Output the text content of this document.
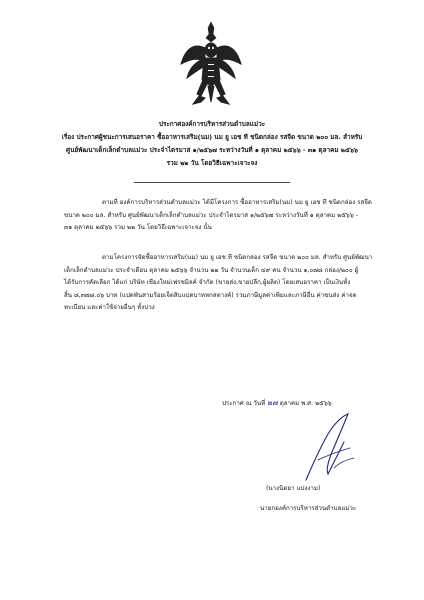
ประกาศองค์การบริหารส่วนตำบลแม่วะ
เรื่อง ประกาศผู้ชนะการเสนอราคา ซื้ออาหารเสริม(นม) นม ยู เอช ที ชนิดกล่อง รสจืด ขนาด ๒๐๐ มล. สำหรับ
ศูนย์พัฒนาเด็กเล็กตำบลแม่วะ ประจำไตรมาส ๑/๒๕๖๗ ระหว่างวันที่ ๑ ตุลาคม ๒๕๖๖ - ๓๑ ตุลาคม ๒๕๖๖
รวม ๒๒ วัน โดยวิธีเฉพาะเจาะจง
ตามที่ องค์การบริหารส่วนตำบลแม่วะ ได้มีโครงการ ซื้ออาหารเสริม(นม) นม ยู เอช ที ชนิดกล่อง รสจืด
ขนาด ๒๐๐ มล. สำหรับ ศูนย์พัฒนาเด็กเล็กตำบลแม่วะ ประจำไตรมาส ๑/๒๕๖๗ ระหว่างวันที่ ๑ ตุลาคม ๒๕๖๖ -
๓๑ ตุลาคม ๒๕๖๖ รวม ๒๒ วัน โดยวิธีเฉพาะเจาะจง นั้น
ตามโครงการจัดซื้ออาหารเสริม(นม) นม ยู เอช ที ชนิดกล่อง รสจืด ขนาด ๒๐๐ มล. สำหรับ ศูนย์พัฒนา
เด็กเล็กตำบลแม่วะ ประจำเดือน ตุลาคม ๒๕๖๖ จำนวน ๒๒ วัน จำนวนเด็ก ๔๙ คน จำนวน ๑,๐๗๘ กล่อง/๒๐๐ ผู้
ได้รับการคัดเลือก ได้แก่ บริษัท เชียงใหม่เฟรชมิลค์ จำกัด (ขายส่ง,ขายปลีก,ผู้ผลิต) โดยเสนอราคา เป็นเงินทั้ง
สิ้น ๘,๓๗๘.๐๖ บาท (แปดพันสามร้อยเจ็ดสิบแปดบาทหกสตางค์) รวมภาษีมูลค่าเพิ่มและภาษีอื่น ค่าขนส่ง ค่าจด
ทะเบียน และค่าใช้จ่ายอื่นๆ ทั้งปวง
ประกาศ ณ วันที่ ๒๗ ตุลาคม พ.ศ. ๒๕๖๖
(นางนิตยา แปงงาม)
นายกองค์การบริหารส่วนตำบลแม่วะ
